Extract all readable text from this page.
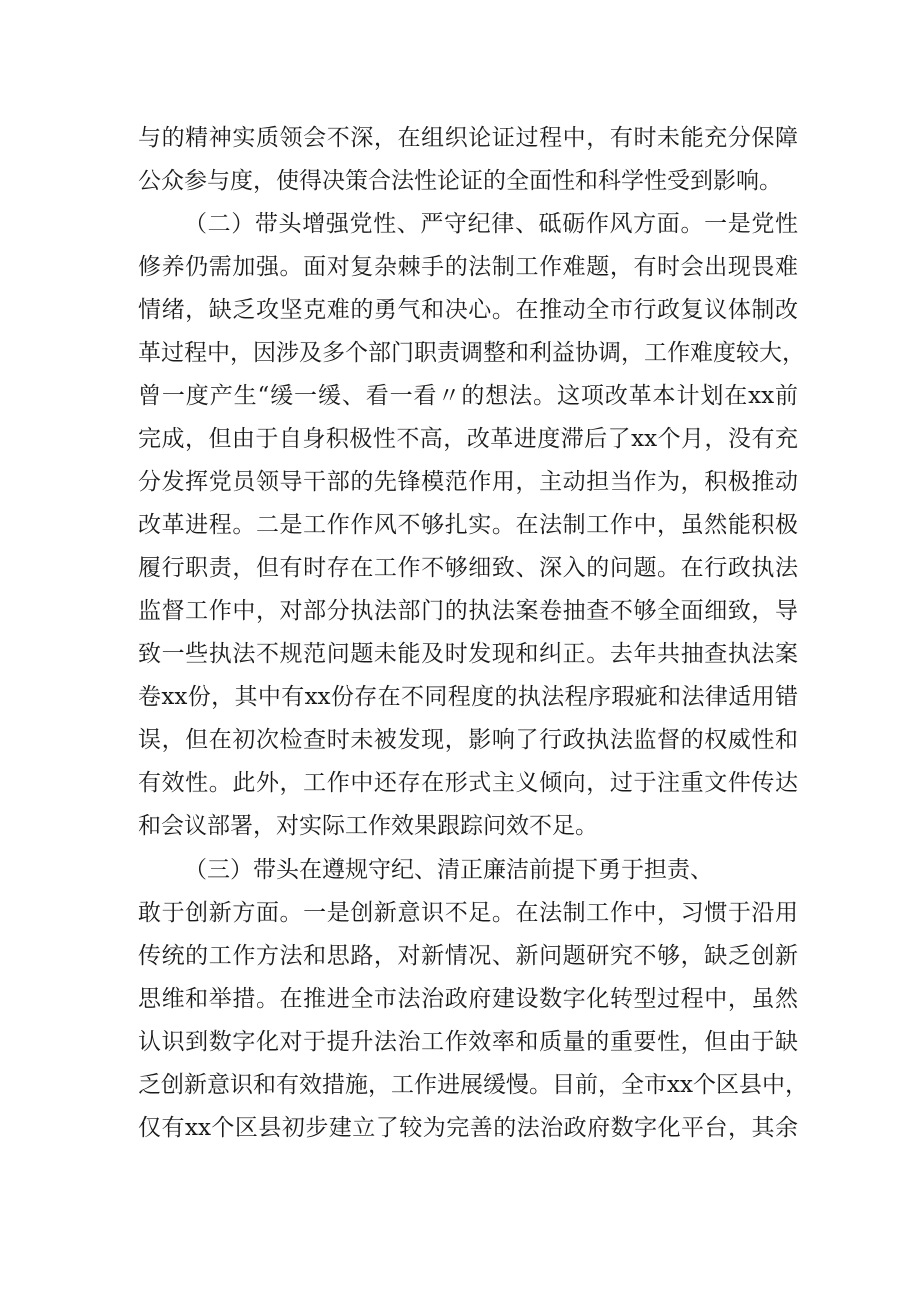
与的精神实质领会不深，在组织论证过程中，有时未能充分保障
公众参与度，使得决策合法性论证的全面性和科学性受到影响。
（二）带头增强党性、严守纪律、砥砺作风方面。一是党性
修养仍需加强。面对复杂棘手的法制工作难题，有时会出现畏难
情绪，缺乏攻坚克难的勇气和决心。在推动全市行政复议体制改
革过程中，因涉及多个部门职责调整和利益协调，工作难度较大，
曾一度产生“缓一缓、看一看〃的想法。这项改革本计划在xx前
完成，但由于自身积极性不高，改革进度滞后了xx个月，没有充
分发挥党员领导干部的先锋模范作用，主动担当作为，积极推动
改革进程。二是工作作风不够扎实。在法制工作中，虽然能积极
履行职责，但有时存在工作不够细致、深入的问题。在行政执法
监督工作中，对部分执法部门的执法案卷抽查不够全面细致，导
致一些执法不规范问题未能及时发现和纠正。去年共抽查执法案
卷xx份，其中有xx份存在不同程度的执法程序瑕疵和法律适用错
误，但在初次检查时未被发现，影响了行政执法监督的权威性和
有效性。此外，工作中还存在形式主义倾向，过于注重文件传达
和会议部署，对实际工作效果跟踪问效不足。
（三）带头在遵规守纪、清正廉洁前提下勇于担责、
敢于创新方面。一是创新意识不足。在法制工作中，习惯于沿用
传统的工作方法和思路，对新情况、新问题研究不够，缺乏创新
思维和举措。在推进全市法治政府建设数字化转型过程中，虽然
认识到数字化对于提升法治工作效率和质量的重要性，但由于缺
乏创新意识和有效措施，工作进展缓慢。目前，全市xx个区县中，
仅有xx个区县初步建立了较为完善的法治政府数字化平台，其余
